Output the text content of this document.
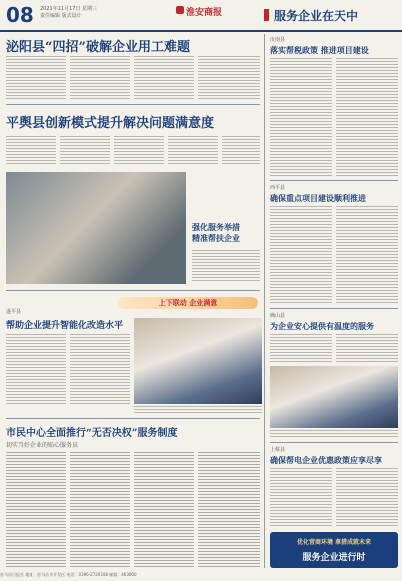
08 2021年11月17日 星期三
责任编辑 版式设计	淮安商报	服务企业在天中
泌阳县“四招”破解企业用工难题
平舆县创新模式提升解决问题满意度
强化服务举措
精准帮扶企业
上下联动 企业满意
遂平县
帮助企业提升智能化改造水平
市民中心全面推行“无否决权”服务制度
切实当好企业的贴心服务员
汝南县
落实帮税政策 推进项目建设
西平县
确保重点项目建设顺利推进
确山县
为企业安心提供有温度的服务
上蔡县
确保帮电企业优惠政策应享尽享
优化营商环境 拿措成就未来
服务企业进行时
驻马店日报社 地址：驻马店市开发区 电话：0396-2726108 邮编：463000
